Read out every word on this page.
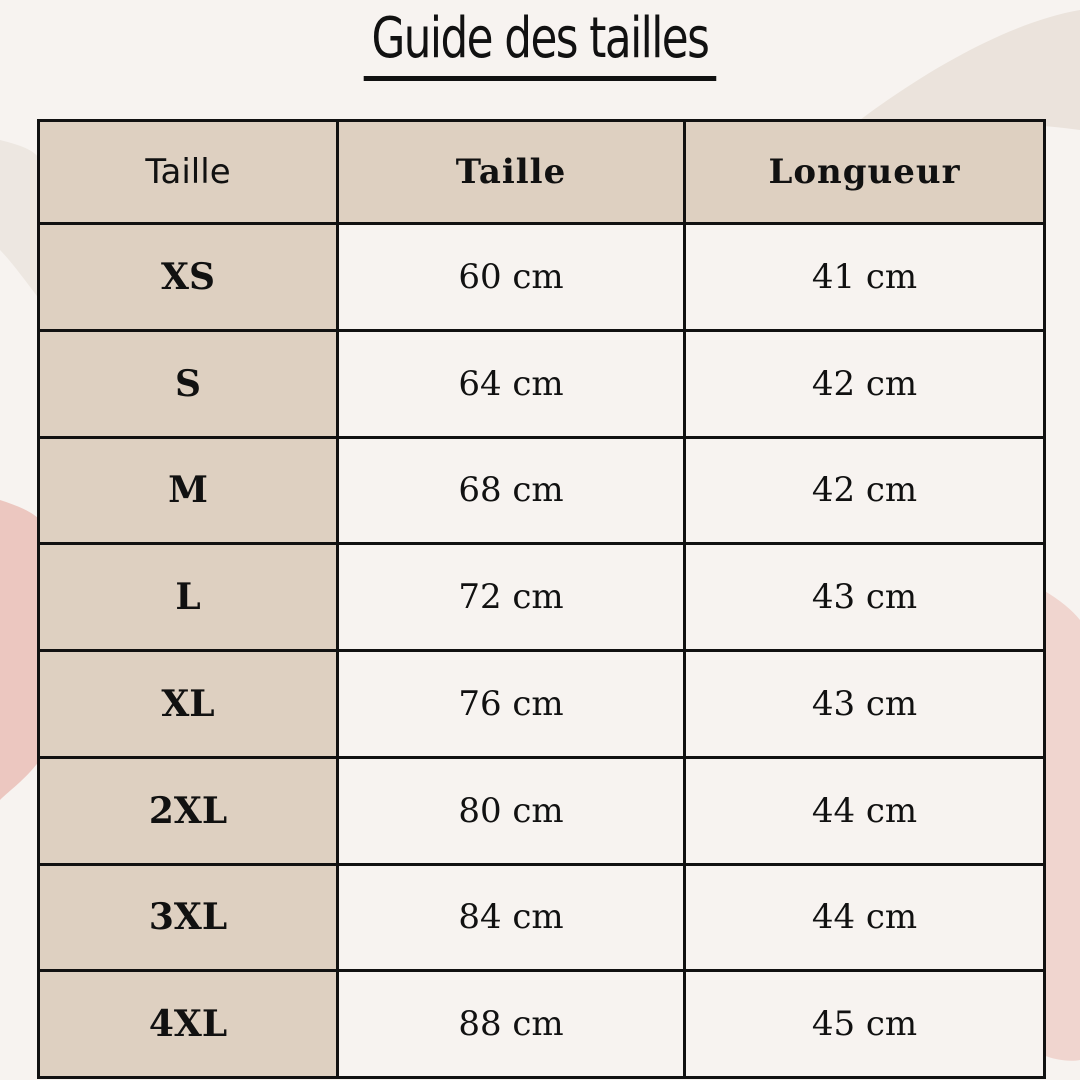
Guide des tailles
Taille	Taille	Longueur
XS	60 cm	41 cm
S	64 cm	42 cm
M	68 cm	42 cm
L	72 cm	43 cm
XL	76 cm	43 cm
2XL	80 cm	44 cm
3XL	84 cm	44 cm
4XL	88 cm	45 cm
